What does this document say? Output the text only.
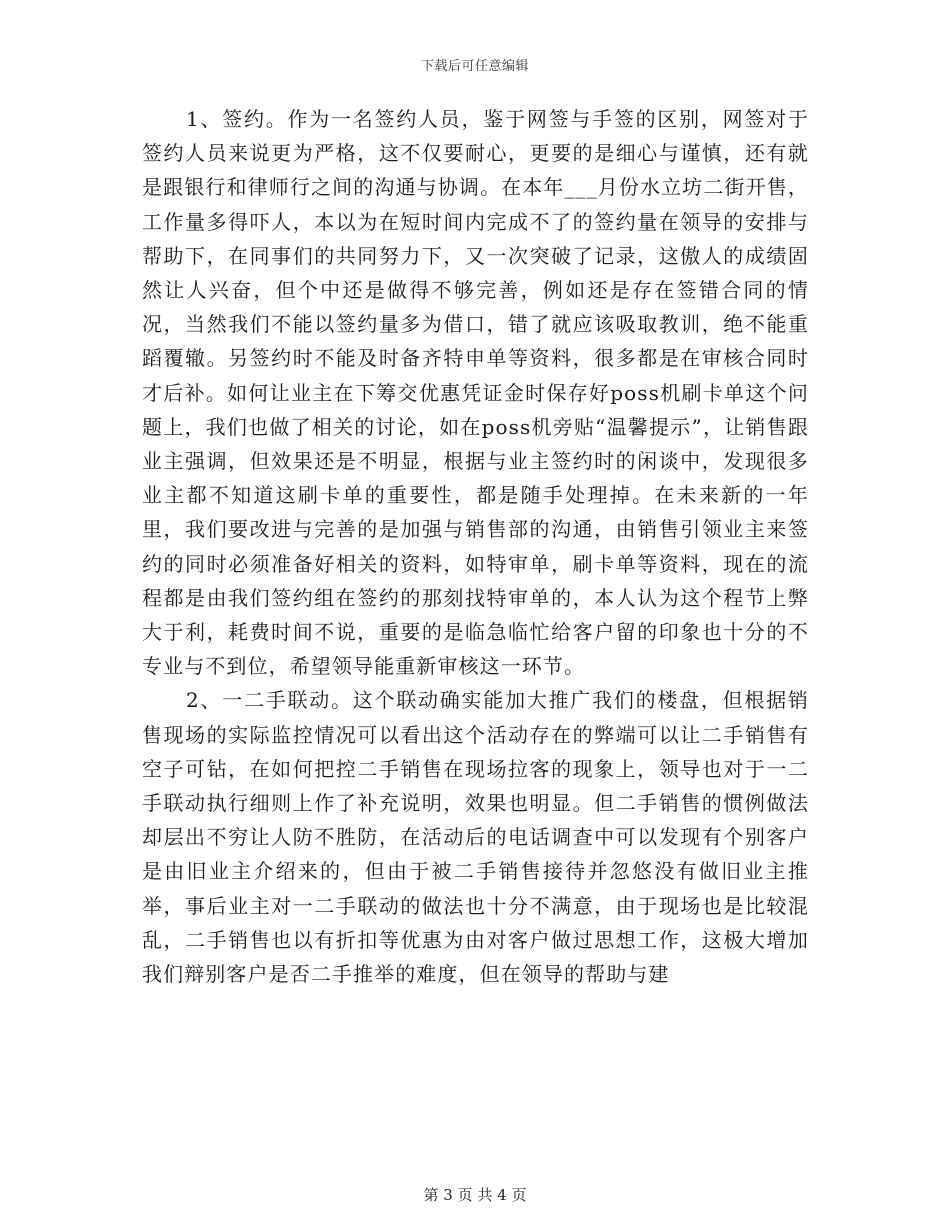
下载后可任意编辑

1、签约。作为一名签约人员，鉴于网签与手签的区别，网签对于签约人员来说更为严格，这不仅要耐心，更要的是细心与谨慎，还有就是跟银行和律师行之间的沟通与协调。在本年___月份水立坊二街开售，工作量多得吓人，本以为在短时间内完成不了的签约量在领导的安排与帮助下，在同事们的共同努力下，又一次突破了记录，这傲人的成绩固然让人兴奋，但个中还是做得不够完善，例如还是存在签错合同的情况，当然我们不能以签约量多为借口，错了就应该吸取教训，绝不能重蹈覆辙。另签约时不能及时备齐特申单等资料，很多都是在审核合同时才后补。如何让业主在下筹交优惠凭证金时保存好poss机刷卡单这个问题上，我们也做了相关的讨论，如在poss机旁贴“温馨提示”，让销售跟业主强调，但效果还是不明显，根据与业主签约时的闲谈中，发现很多业主都不知道这刷卡单的重要性，都是随手处理掉。在未来新的一年里，我们要改进与完善的是加强与销售部的沟通，由销售引领业主来签约的同时必须准备好相关的资料，如特审单，刷卡单等资料，现在的流程都是由我们签约组在签约的那刻找特审单的，本人认为这个程节上弊大于利，耗费时间不说，重要的是临急临忙给客户留的印象也十分的不专业与不到位，希望领导能重新审核这一环节。

2、一二手联动。这个联动确实能加大推广我们的楼盘，但根据销售现场的实际监控情况可以看出这个活动存在的弊端可以让二手销售有空子可钻，在如何把控二手销售在现场拉客的现象上，领导也对于一二手联动执行细则上作了补充说明，效果也明显。但二手销售的惯例做法却层出不穷让人防不胜防，在活动后的电话调查中可以发现有个别客户是由旧业主介绍来的，但由于被二手销售接待并忽悠没有做旧业主推举，事后业主对一二手联动的做法也十分不满意，由于现场也是比较混乱，二手销售也以有折扣等优惠为由对客户做过思想工作，这极大增加我们辩别客户是否二手推举的难度，但在领导的帮助与建

第 3 页 共 4 页
